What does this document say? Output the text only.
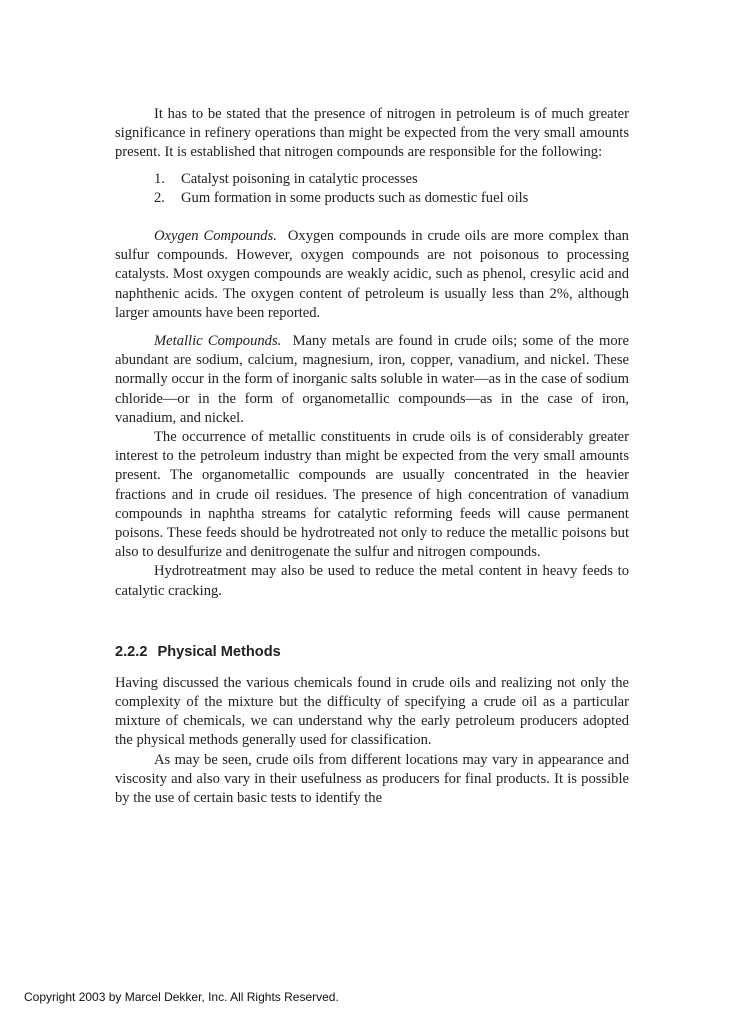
It has to be stated that the presence of nitrogen in petroleum is of much greater significance in refinery operations than might be expected from the very small amounts present. It is established that nitrogen compounds are responsible for the following:

1.	Catalyst poisoning in catalytic processes
2.	Gum formation in some products such as domestic fuel oils

Oxygen Compounds. Oxygen compounds in crude oils are more complex than sulfur compounds. However, oxygen compounds are not poisonous to processing catalysts. Most oxygen compounds are weakly acidic, such as phenol, cresylic acid and naphthenic acids. The oxygen content of petroleum is usually less than 2%, although larger amounts have been reported.

Metallic Compounds. Many metals are found in crude oils; some of the more abundant are sodium, calcium, magnesium, iron, copper, vanadium, and nickel. These normally occur in the form of inorganic salts soluble in water—as in the case of sodium chloride—or in the form of organometallic compounds—as in the case of iron, vanadium, and nickel.

The occurrence of metallic constituents in crude oils is of considerably greater interest to the petroleum industry than might be expected from the very small amounts present. The organometallic compounds are usually concentrated in the heavier fractions and in crude oil residues. The presence of high concentration of vanadium compounds in naphtha streams for catalytic reforming feeds will cause permanent poisons. These feeds should be hydrotreated not only to reduce the metallic poisons but also to desulfurize and denitrogenate the sulfur and nitrogen compounds.

Hydrotreatment may also be used to reduce the metal content in heavy feeds to catalytic cracking.

2.2.2 Physical Methods

Having discussed the various chemicals found in crude oils and realizing not only the complexity of the mixture but the difficulty of specifying a crude oil as a particular mixture of chemicals, we can understand why the early petroleum producers adopted the physical methods generally used for classification.

As may be seen, crude oils from different locations may vary in appearance and viscosity and also vary in their usefulness as producers for final products. It is possible by the use of certain basic tests to identify the

Copyright 2003 by Marcel Dekker, Inc. All Rights Reserved.
